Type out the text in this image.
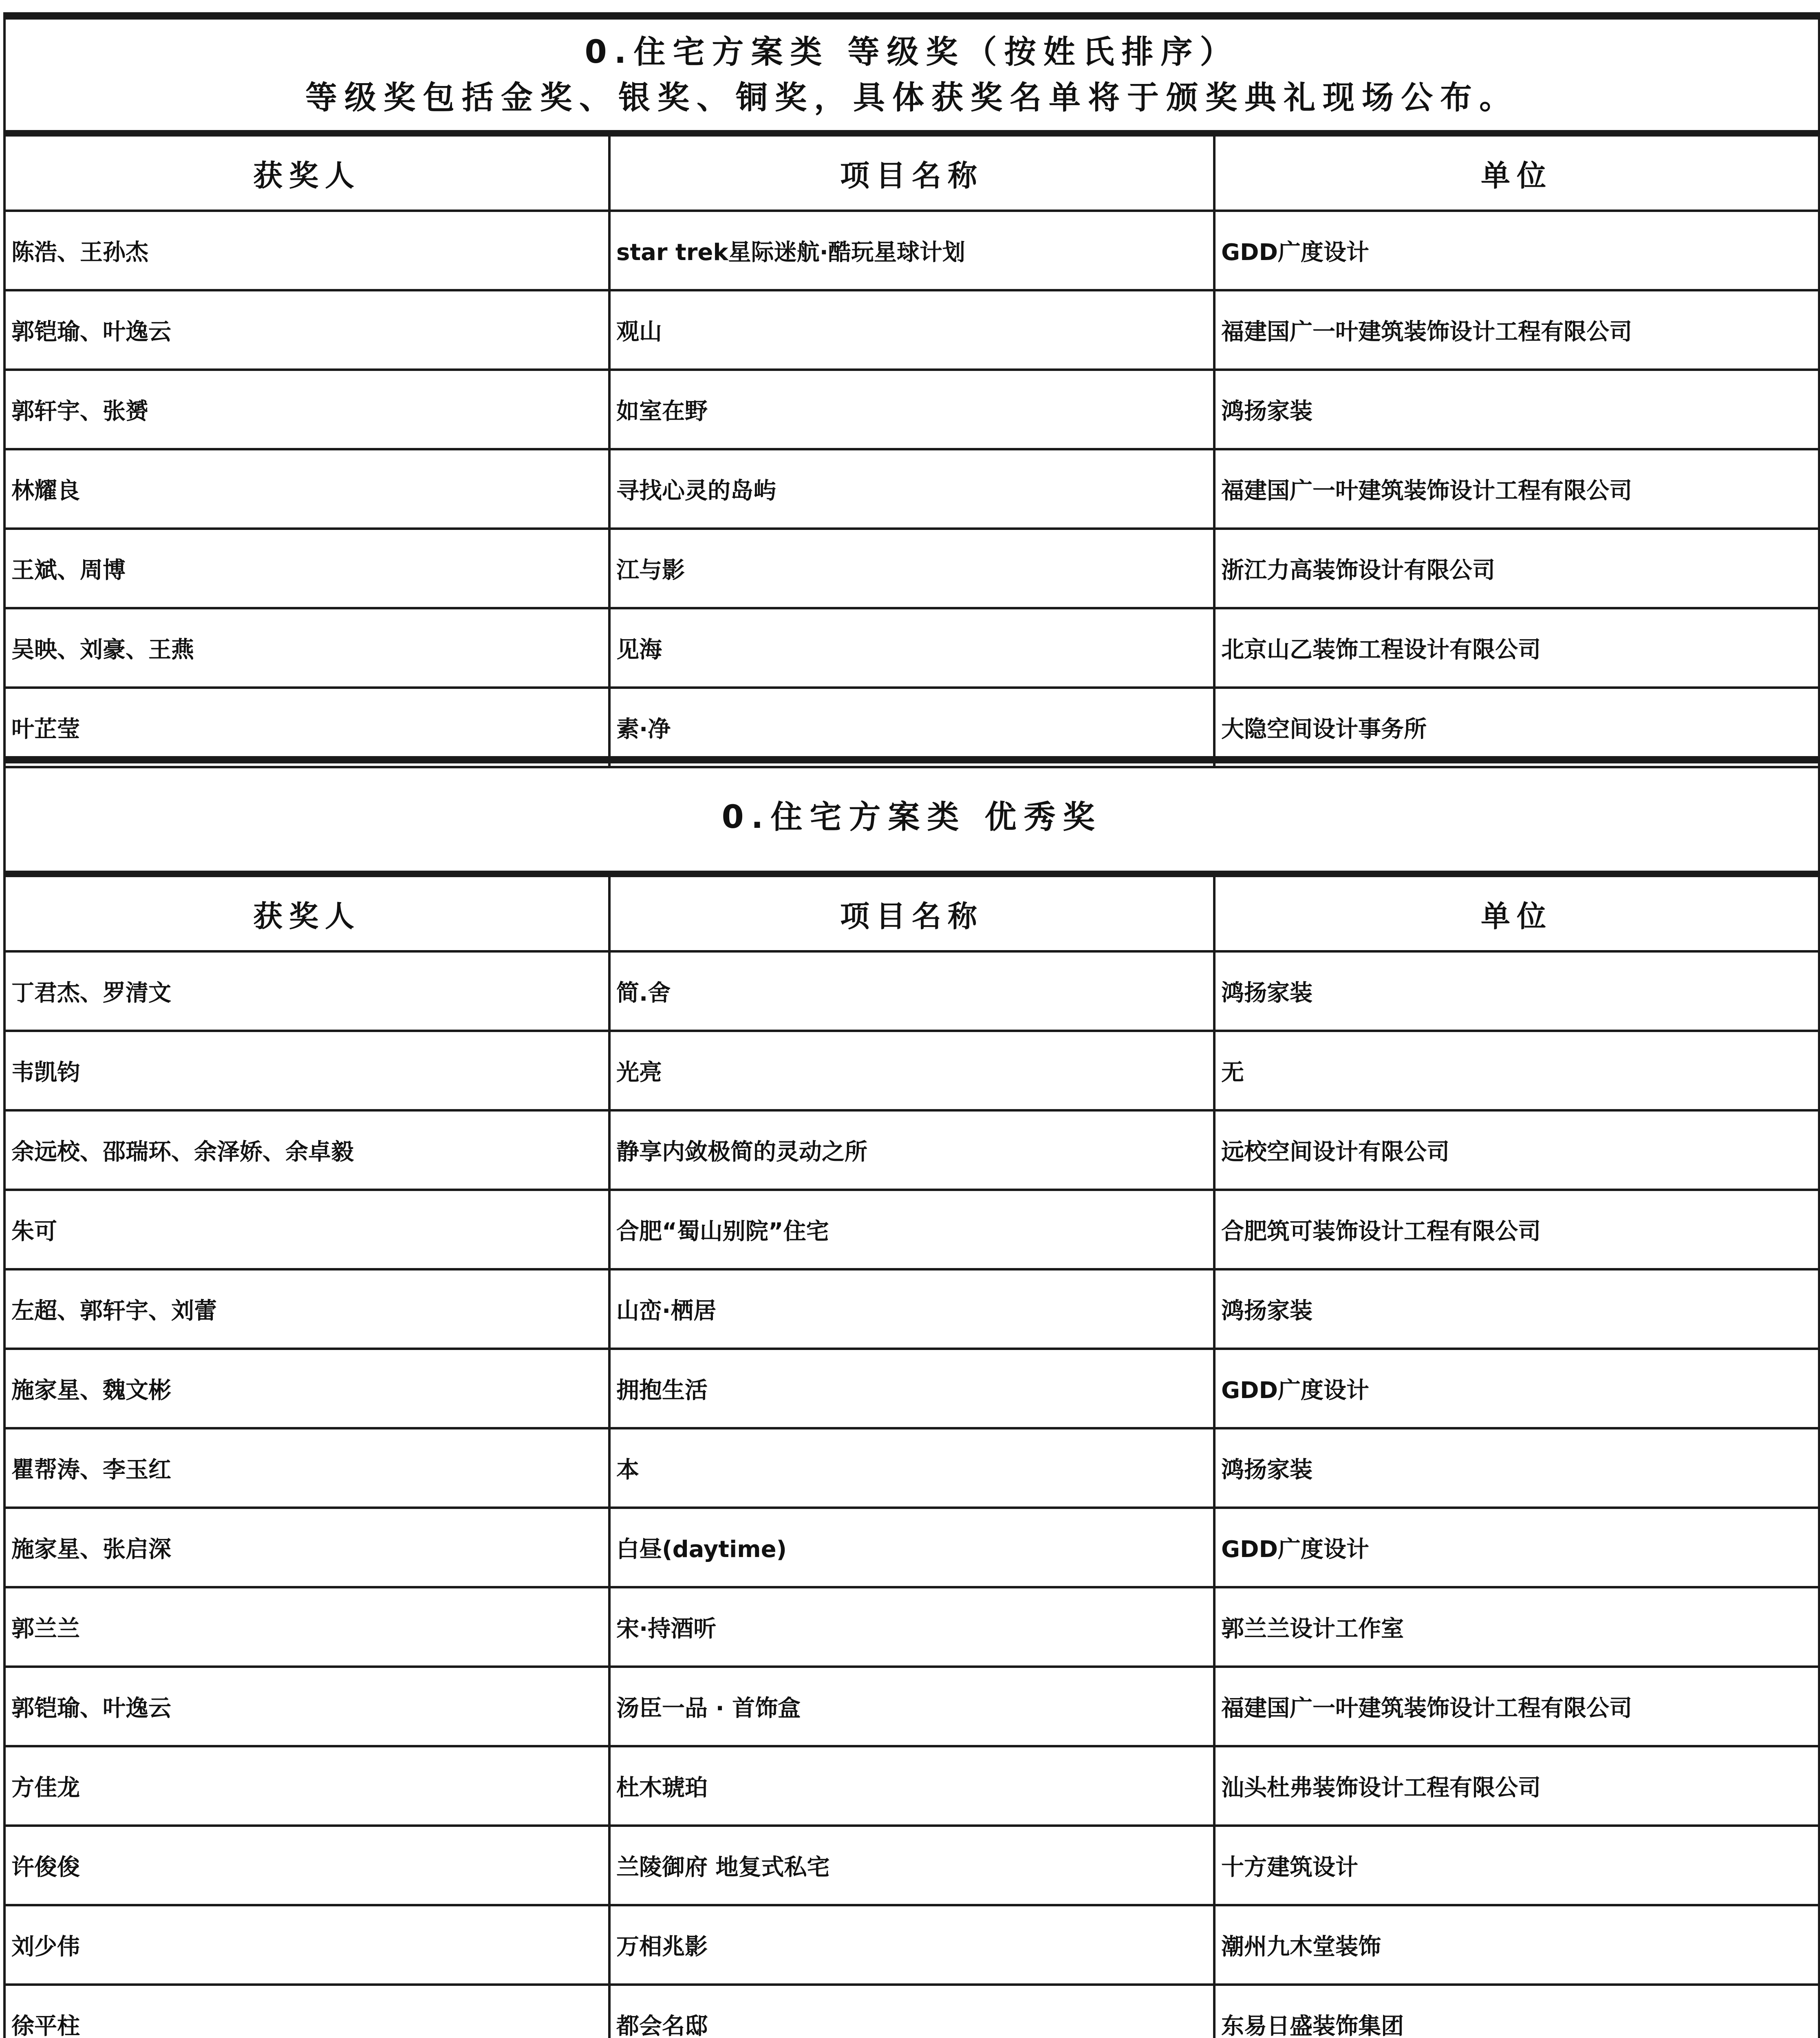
0.住宅方案类 等级奖（按姓氏排序）
等级奖包括金奖、银奖、铜奖，具体获奖名单将于颁奖典礼现场公布。		

获奖人	项目名称	单位
陈浩、王孙杰	star trek星际迷航·酷玩星球计划	GDD广度设计
郭铠瑜、叶逸云	观山	福建国广一叶建筑装饰设计工程有限公司
郭轩宇、张赟	如室在野	鸿扬家装
林耀良	寻找心灵的岛屿	福建国广一叶建筑装饰设计工程有限公司
王斌、周博	江与影	浙江力高装饰设计有限公司
吴映、刘豪、王燕	见海	北京山乙装饰工程设计有限公司
叶芷莹	素·净	大隐空间设计事务所
0.住宅方案类 优秀奖		
获奖人	项目名称	单位
丁君杰、罗清文	简.舍	鸿扬家装
韦凯钧	光亮	无
余远校、邵瑞环、余泽娇、余卓毅	静享内敛极简的灵动之所	远校空间设计有限公司
朱可	合肥“蜀山别院”住宅	合肥筑可装饰设计工程有限公司
左超、郭轩宇、刘蕾	山峦·栖居	鸿扬家装
施家星、魏文彬	拥抱生活	GDD广度设计
瞿帮涛、李玉红	本	鸿扬家装
施家星、张启深	白昼(daytime)	GDD广度设计
郭兰兰	宋·持酒听	郭兰兰设计工作室
郭铠瑜、叶逸云	汤臣一品 · 首饰盒	福建国广一叶建筑装饰设计工程有限公司
方佳龙	杜木琥珀	汕头杜弗装饰设计工程有限公司
许俊俊	兰陵御府 地复式私宅	十方建筑设计
刘少伟	万相兆影	潮州九木堂装饰
徐平柱	都会名邸	东易日盛装饰集团
